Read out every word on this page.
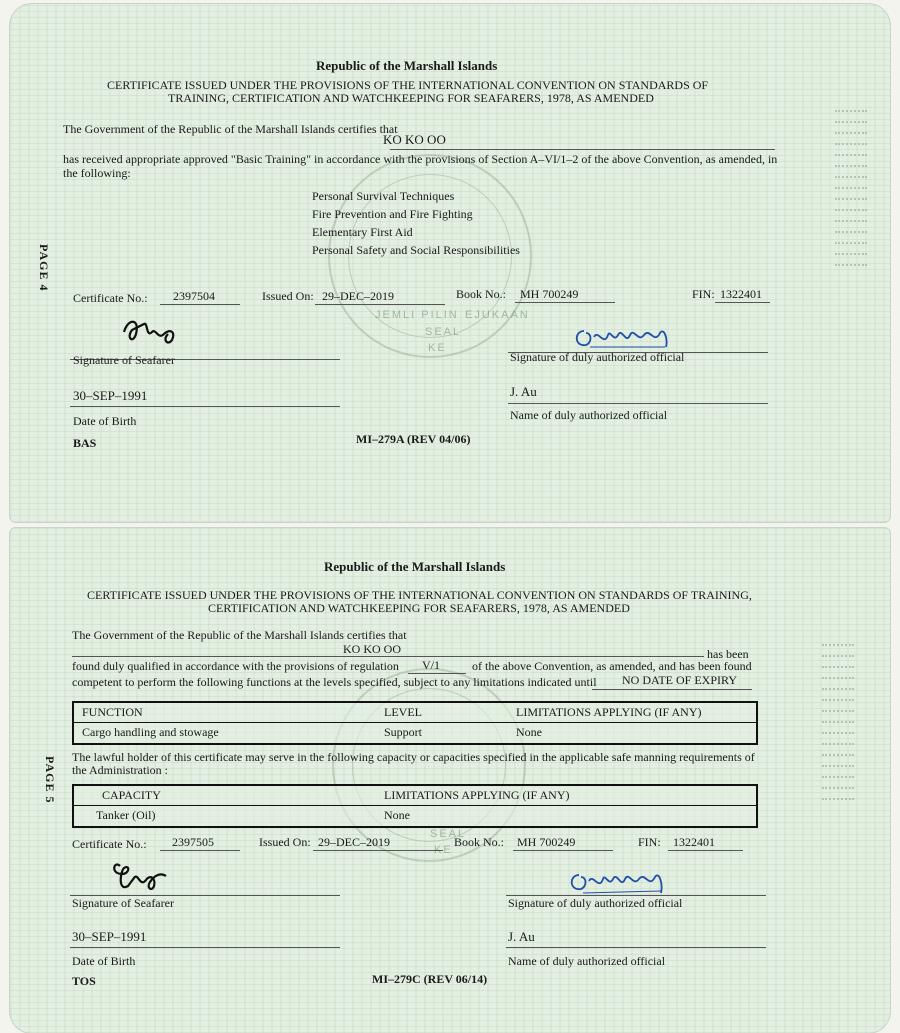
PAGE 4
JEMLI PILIN
SEAL
EJUKAAN
KE
Republic of the Marshall Islands
CERTIFICATE ISSUED UNDER THE PROVISIONS OF THE INTERNATIONAL CONVENTION ON STANDARDS OF
TRAINING, CERTIFICATION AND WATCHKEEPING FOR SEAFARERS, 1978, AS AMENDED
The Government of the Republic of the Marshall Islands certifies that
KO KO OO
has received appropriate approved "Basic Training" in accordance with the provisions of Section A–VI/1–2 of the above Convention, as amended, in
the following:
Personal Survival Techniques
Fire Prevention and Fire Fighting
Elementary First Aid
Personal Safety and Social Responsibilities
Certificate No.: 2397504	Issued On: 29–DEC–2019	Book No.: MH 700249	FIN: 1322401
Signature of Seafarer	Signature of duly authorized official
30–SEP–1991
Date of Birth
J. Au
Name of duly authorized official
BAS	MI–279A (REV 04/06)
PAGE 5
SEAL
KE
Republic of the Marshall Islands
CERTIFICATE ISSUED UNDER THE PROVISIONS OF THE INTERNATIONAL CONVENTION ON STANDARDS OF TRAINING,
CERTIFICATION AND WATCHKEEPING FOR SEAFARERS, 1978, AS AMENDED
The Government of the Republic of the Marshall Islands certifies that
KO KO OO	has been
found duly qualified in accordance with the provisions of regulation V/1	of the above Convention, as amended, and has been found
competent to perform the following functions at the levels specified, subject to any limitations indicated until NO DATE OF EXPIRY
FUNCTION	LEVEL	LIMITATIONS APPLYING (IF ANY)
Cargo handling and stowage	Support	None
The lawful holder of this certificate may serve in the following capacity or capacities specified in the applicable safe manning requirements of
the Administration :
CAPACITY	LIMITATIONS APPLYING (IF ANY)
Tanker (Oil)	None
Certificate No.: 2397505	Issued On: 29–DEC–2019	Book No.: MH 700249	FIN: 1322401
Signature of Seafarer	Signature of duly authorized official
30–SEP–1991
Date of Birth
J. Au
Name of duly authorized official
TOS	MI–279C (REV 06/14)
